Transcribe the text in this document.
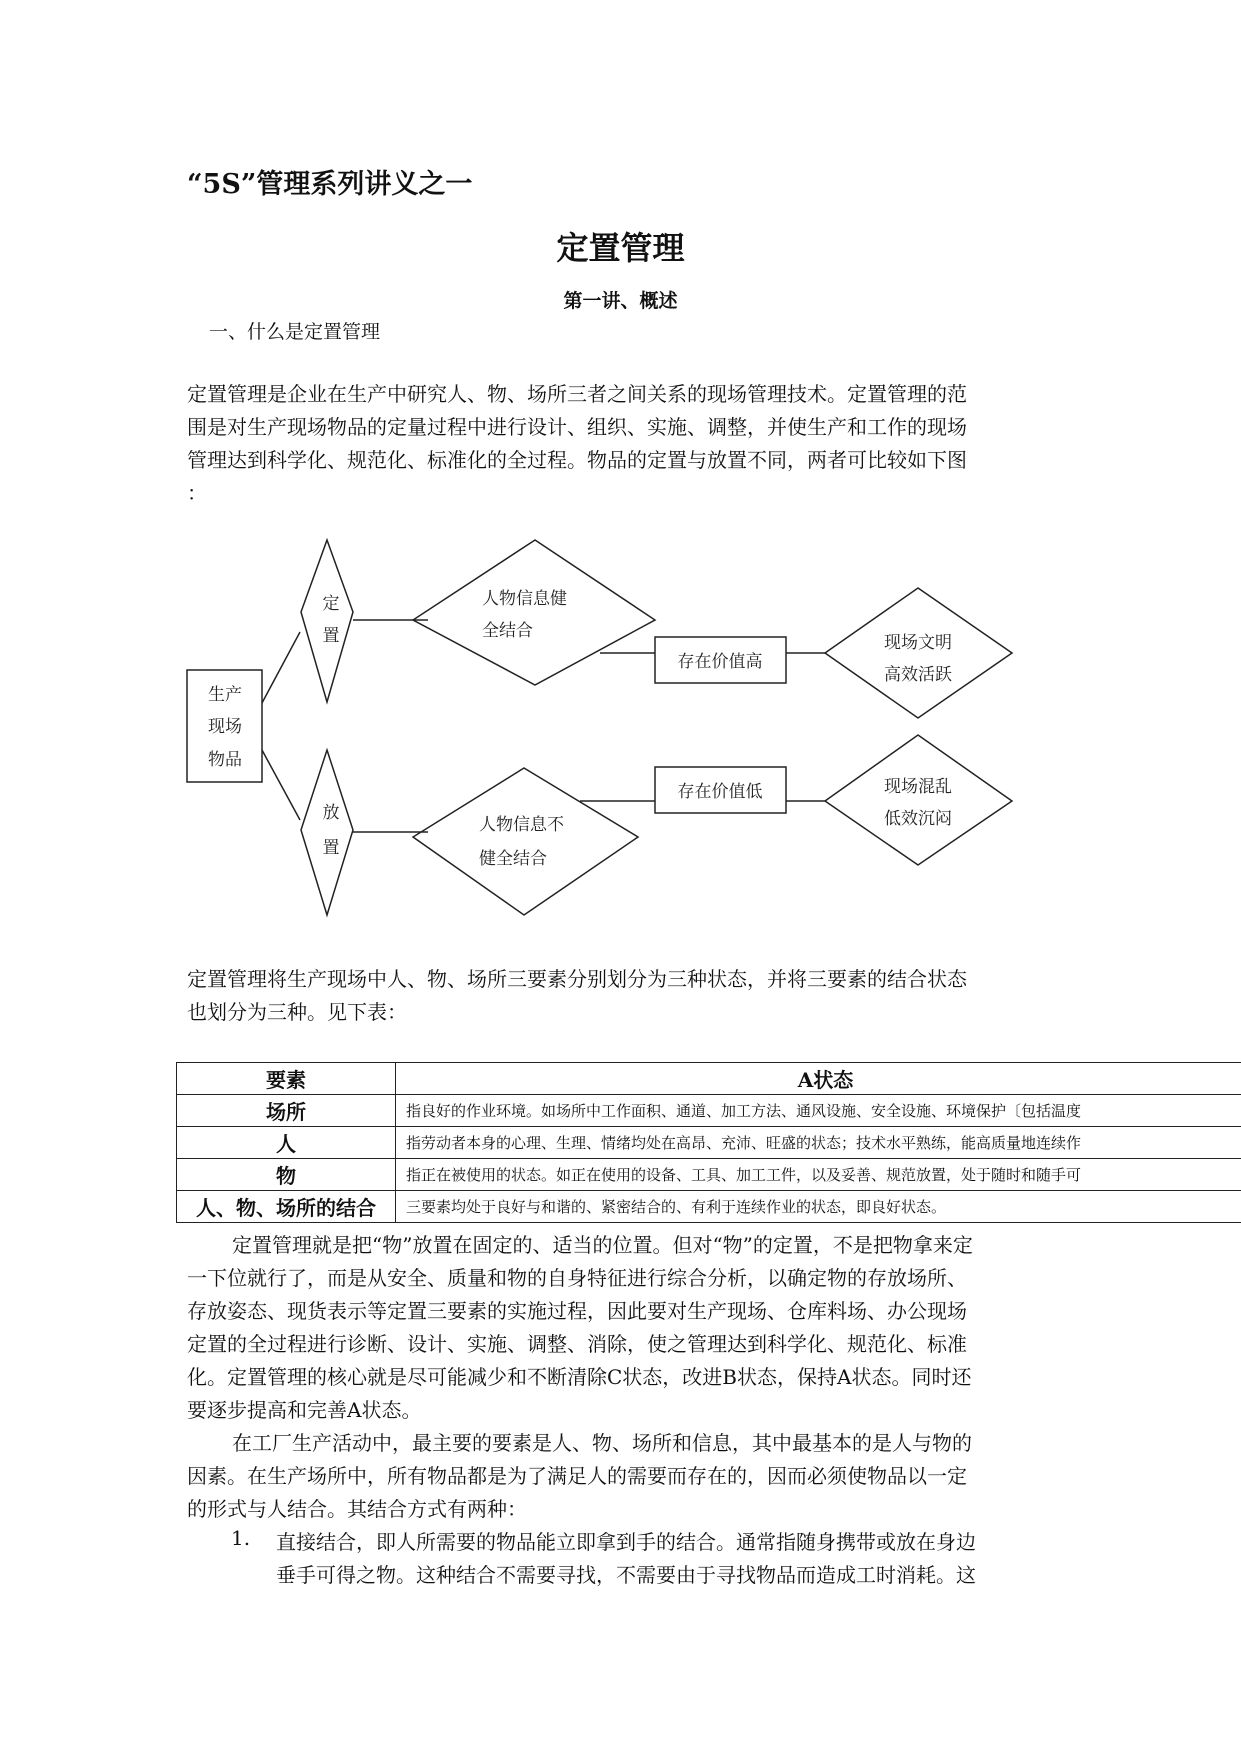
“5S”管理系列讲义之一
定置管理
第一讲、概述
一、什么是定置管理
定置管理是企业在生产中研究人、物、场所三者之间关系的现场管理技术。定置管理的范
围是对生产现场物品的定量过程中进行设计、组织、实施、调整，并使生产和工作的现场
管理达到科学化、规范化、标准化的全过程。物品的定置与放置不同，两者可比较如下图
：
生产
现场
物品
定
置
放
置
人物信息健
全结合
人物信息不
健全结合
存在价值高
存在价值低
现场文明
高效活跃
现场混乱
低效沉闷
定置管理将生产现场中人、物、场所三要素分别划分为三种状态，并将三要素的结合状态
也划分为三种。见下表：
要素	A状态
场所	指良好的作业环境。如场所中工作面积、通道、加工方法、通风设施、安全设施、环境保护〔包括温度
人	指劳动者本身的心理、生理、情绪均处在高昂、充沛、旺盛的状态；技术水平熟练，能高质量地连续作
物	指正在被使用的状态。如正在使用的设备、工具、加工工件，以及妥善、规范放置，处于随时和随手可
人、物、场所的结合	三要素均处于良好与和谐的、紧密结合的、有利于连续作业的状态，即良好状态。
定置管理就是把“物”放置在固定的、适当的位置。但对“物”的定置，不是把物拿来定
一下位就行了，而是从安全、质量和物的自身特征进行综合分析，以确定物的存放场所、
存放姿态、现货表示等定置三要素的实施过程，因此要对生产现场、仓库料场、办公现场
定置的全过程进行诊断、设计、实施、调整、消除，使之管理达到科学化、规范化、标准
化。定置管理的核心就是尽可能减少和不断清除C状态，改进B状态，保持A状态。同时还
要逐步提高和完善A状态。
在工厂生产活动中，最主要的要素是人、物、场所和信息，其中最基本的是人与物的
因素。在生产场所中，所有物品都是为了满足人的需要而存在的，因而必须使物品以一定
的形式与人结合。其结合方式有两种：
1. 直接结合，即人所需要的物品能立即拿到手的结合。通常指随身携带或放在身边
垂手可得之物。这种结合不需要寻找，不需要由于寻找物品而造成工时消耗。这
